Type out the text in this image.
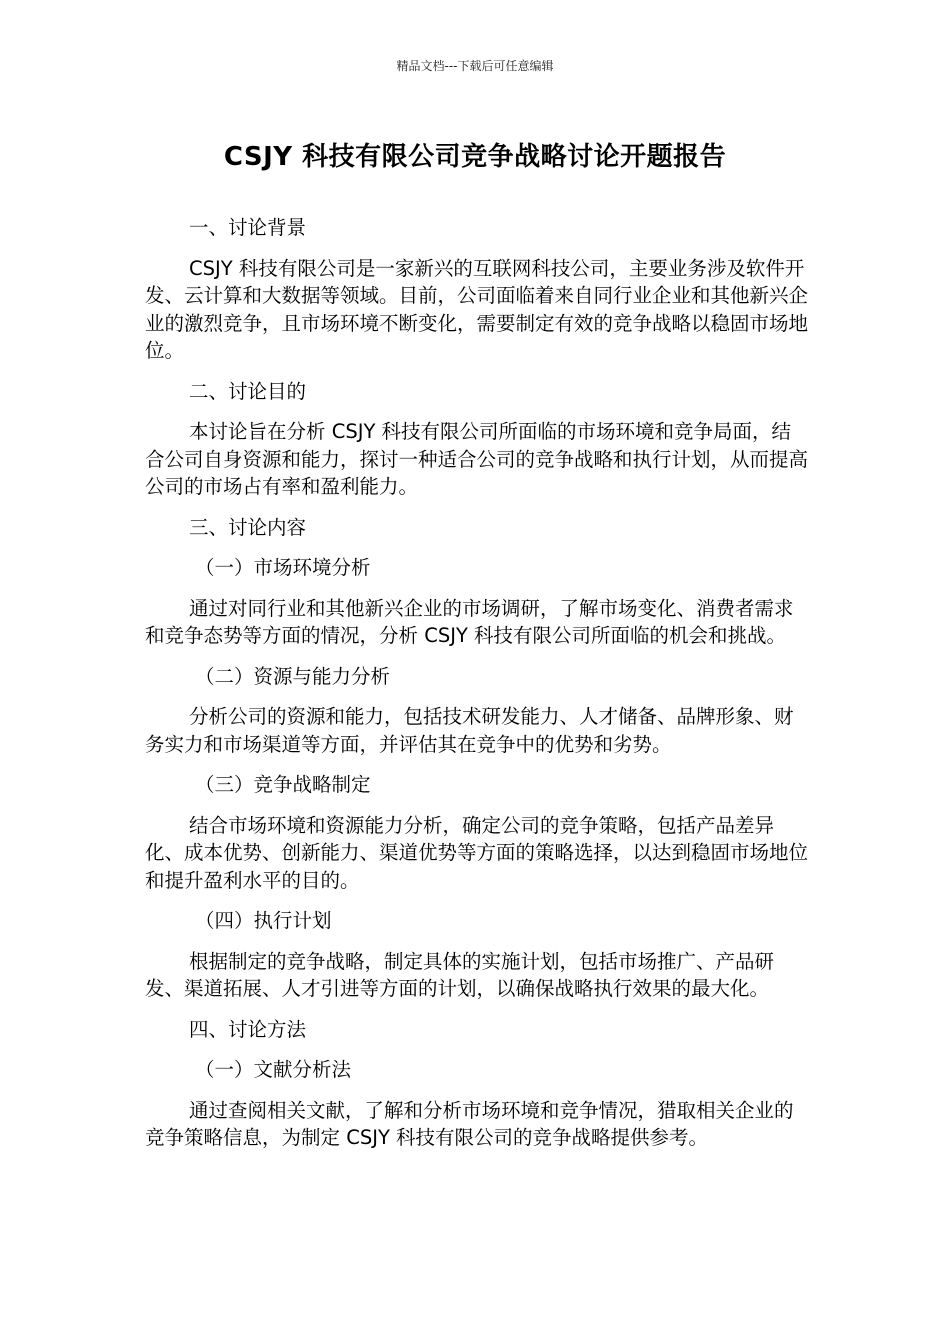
精品文档---下载后可任意编辑
CSJY 科技有限公司竞争战略讨论开题报告
一、讨论背景
CSJY 科技有限公司是一家新兴的互联网科技公司，主要业务涉及软件开发、云计算和大数据等领域。目前，公司面临着来自同行业企业和其他新兴企业的激烈竞争，且市场环境不断变化，需要制定有效的竞争战略以稳固市场地位。
二、讨论目的
本讨论旨在分析 CSJY 科技有限公司所面临的市场环境和竞争局面，结合公司自身资源和能力，探讨一种适合公司的竞争战略和执行计划，从而提高公司的市场占有率和盈利能力。
三、讨论内容
（一）市场环境分析
通过对同行业和其他新兴企业的市场调研，了解市场变化、消费者需求和竞争态势等方面的情况，分析 CSJY 科技有限公司所面临的机会和挑战。
（二）资源与能力分析
分析公司的资源和能力，包括技术研发能力、人才储备、品牌形象、财务实力和市场渠道等方面，并评估其在竞争中的优势和劣势。
（三）竞争战略制定
结合市场环境和资源能力分析，确定公司的竞争策略，包括产品差异化、成本优势、创新能力、渠道优势等方面的策略选择，以达到稳固市场地位和提升盈利水平的目的。
（四）执行计划
根据制定的竞争战略，制定具体的实施计划，包括市场推广、产品研发、渠道拓展、人才引进等方面的计划，以确保战略执行效果的最大化。
四、讨论方法
（一）文献分析法
通过查阅相关文献，了解和分析市场环境和竞争情况，猎取相关企业的竞争策略信息，为制定 CSJY 科技有限公司的竞争战略提供参考。
